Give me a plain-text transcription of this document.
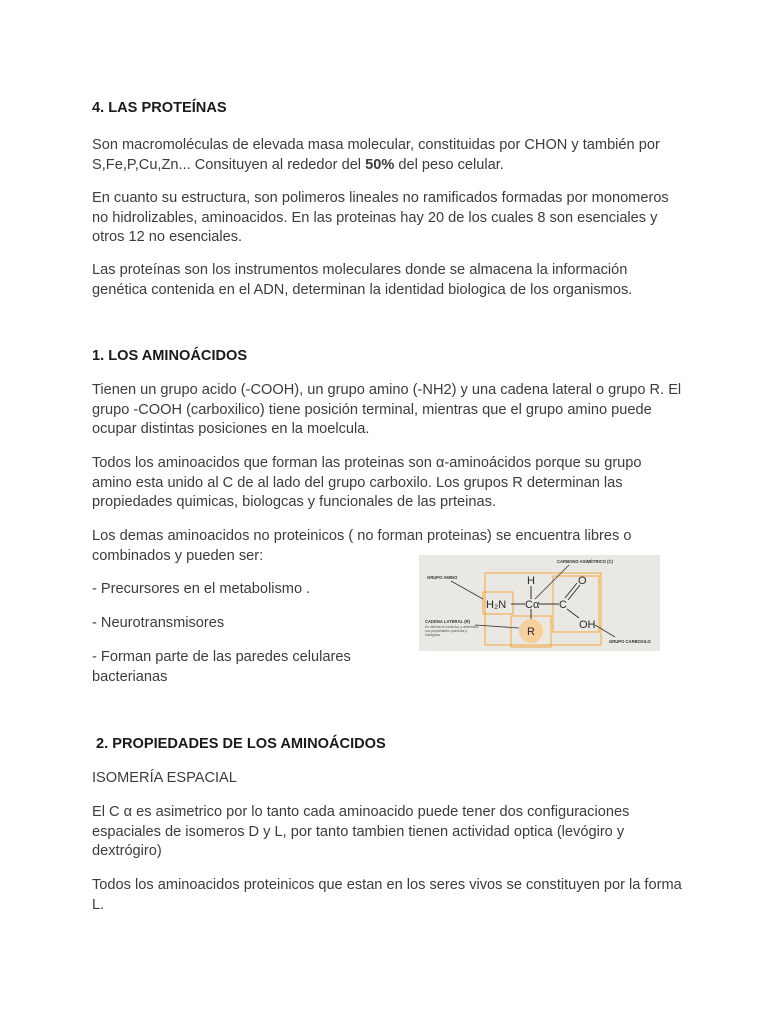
4. LAS PROTEÍNAS

Son macromoléculas de elevada masa molecular, constituidas por CHON y también por S,Fe,P,Cu,Zn... Consituyen al rededor del 50% del peso celular.

En cuanto su estructura, son polimeros lineales no ramificados formadas por monomeros no hidrolizables, aminoacidos. En las proteinas hay 20 de los cuales 8 son esenciales y otros 12 no esenciales.

Las proteínas son los instrumentos moleculares donde se almacena la información genética contenida en el ADN, determinan la identidad biologica de los organismos.

1. LOS AMINOÁCIDOS

Tienen un grupo acido (-COOH), un grupo amino (-NH2) y una cadena lateral o grupo R. El grupo -COOH (carboxilico) tiene posición terminal, mientras que el grupo amino puede ocupar distintas posiciones en la moelcula.

Todos los aminoacidos que forman las proteinas son α-aminoácidos porque su grupo amino esta unido al C de al lado del grupo carboxilo. Los grupos R determinan las propiedades quimicas, biologcas y funcionales de las prteinas.

Los demas aminoacidos no proteinicos ( no forman proteinas) se encuentra libres o combinados y pueden ser:

- Precursores en el metabolismo .

- Neurotransmisores

- Forman parte de las paredes celulares bacterianas

H
H₂N Cα C
O
OH
R
CARBONO ASIMÉTRICO (C)
GRUPO AMINO
CADENA LATERAL (R)
Es distinta en cada Aa, y determina sus propiedades químicas y biológicas
GRUPO CARBOXILO

2. PROPIEDADES DE LOS AMINOÁCIDOS

ISOMERÍA ESPACIAL

El C α es asimetrico por lo tanto cada aminoacido puede tener dos configuraciones espaciales de isomeros D y L, por tanto tambien tienen actividad optica (levógiro y dextrógiro)

Todos los aminoacidos proteinicos que estan en los seres vivos se constituyen por la forma L.
